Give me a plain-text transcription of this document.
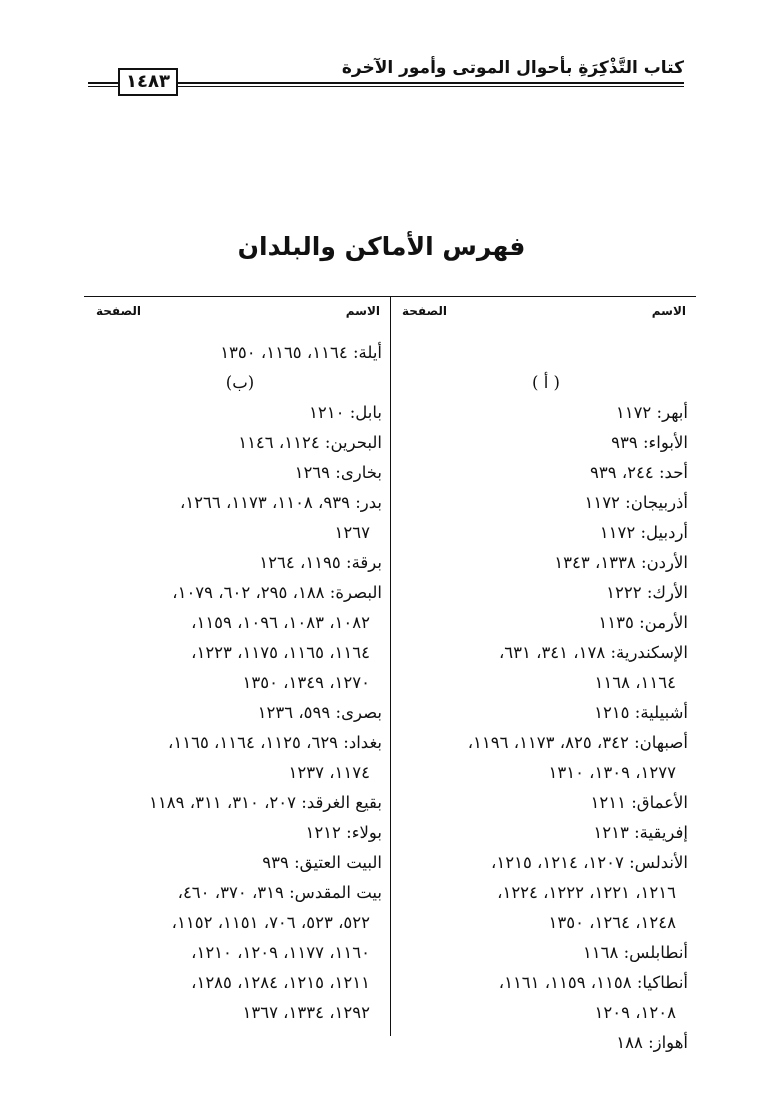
كتاب التَّذْكِرَةِ بأحوال الموتى وأمور الآخرة
١٤٨٣
فهرس الأماكن والبلدان
الاسم
الصفحة
( أ )
أبهر: ١١٧٢
الأبواء: ٩٣٩
أحد: ٢٤٤، ٩٣٩
أذربيجان: ١١٧٢
أردبيل: ١١٧٢
الأردن: ١٣٣٨، ١٣٤٣
الأرك: ١٢٢٢
الأرمن: ١١٣٥
الإسكندرية: ١٧٨، ٣٤١، ٦٣١،
١١٦٤، ١١٦٨
أشبيلية: ١٢١٥
أصبهان: ٣٤٢، ٨٢٥، ١١٧٣، ١١٩٦،
١٢٧٧، ١٣٠٩، ١٣١٠
الأعماق: ١٢١١
إفريقية: ١٢١٣
الأندلس: ١٢٠٧، ١٢١٤، ١٢١٥،
١٢١٦، ١٢٢١، ١٢٢٢، ١٢٢٤،
١٢٤٨، ١٢٦٤، ١٣٥٠
أنطابلس: ١١٦٨
أنطاكيا: ١١٥٨، ١١٥٩، ١١٦١،
١٢٠٨، ١٢٠٩
أهواز: ١٨٨
الاسم
الصفحة
أيلة: ١١٦٤، ١١٦٥، ١٣٥٠
(ب)
بابل: ١٢١٠
البحرين: ١١٢٤، ١١٤٦
بخارى: ١٢٦٩
بدر: ٩٣٩، ١١٠٨، ١١٧٣، ١٢٦٦،
١٢٦٧
برقة: ١١٩٥، ١٢٦٤
البصرة: ١٨٨، ٢٩٥، ٦٠٢، ١٠٧٩،
١٠٨٢، ١٠٨٣، ١٠٩٦، ١١٥٩،
١١٦٤، ١١٦٥، ١١٧٥، ١٢٢٣،
١٢٧٠، ١٣٤٩، ١٣٥٠
بصرى: ٥٩٩، ١٢٣٦
بغداد: ٦٢٩، ١١٢٥، ١١٦٤، ١١٦٥،
١١٧٤، ١٢٣٧
بقيع الغرقد: ٢٠٧، ٣١٠، ٣١١، ١١٨٩
بولاء: ١٢١٢
البيت العتيق: ٩٣٩
بيت المقدس: ٣١٩، ٣٧٠، ٤٦٠،
٥٢٢، ٥٢٣، ٧٠٦، ١١٥١، ١١٥٢،
١١٦٠، ١١٧٧، ١٢٠٩، ١٢١٠،
١٢١١، ١٢١٥، ١٢٨٤، ١٢٨٥،
١٢٩٢، ١٣٣٤، ١٣٦٧
